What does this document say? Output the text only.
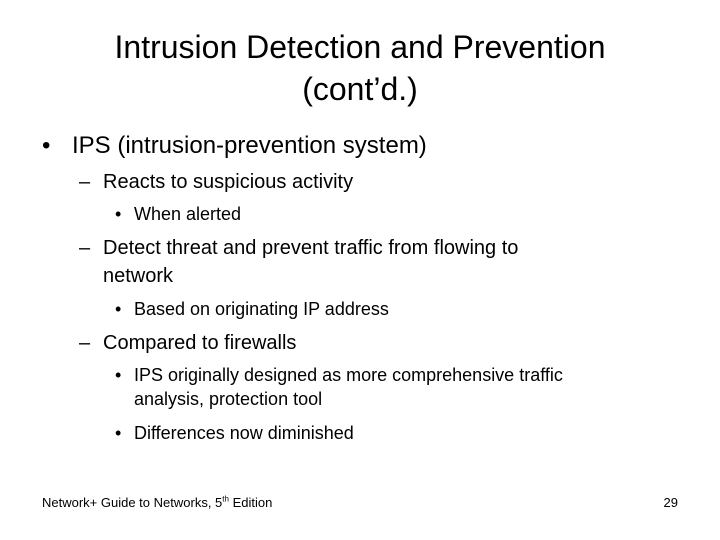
Intrusion Detection and Prevention
(cont’d.)
• IPS (intrusion-prevention system)
– Reacts to suspicious activity
• When alerted
– Detect threat and prevent traffic from flowing to
network
• Based on originating IP address
– Compared to firewalls
• IPS originally designed as more comprehensive traffic
analysis, protection tool
• Differences now diminished
Network+ Guide to Networks, 5th Edition	29
